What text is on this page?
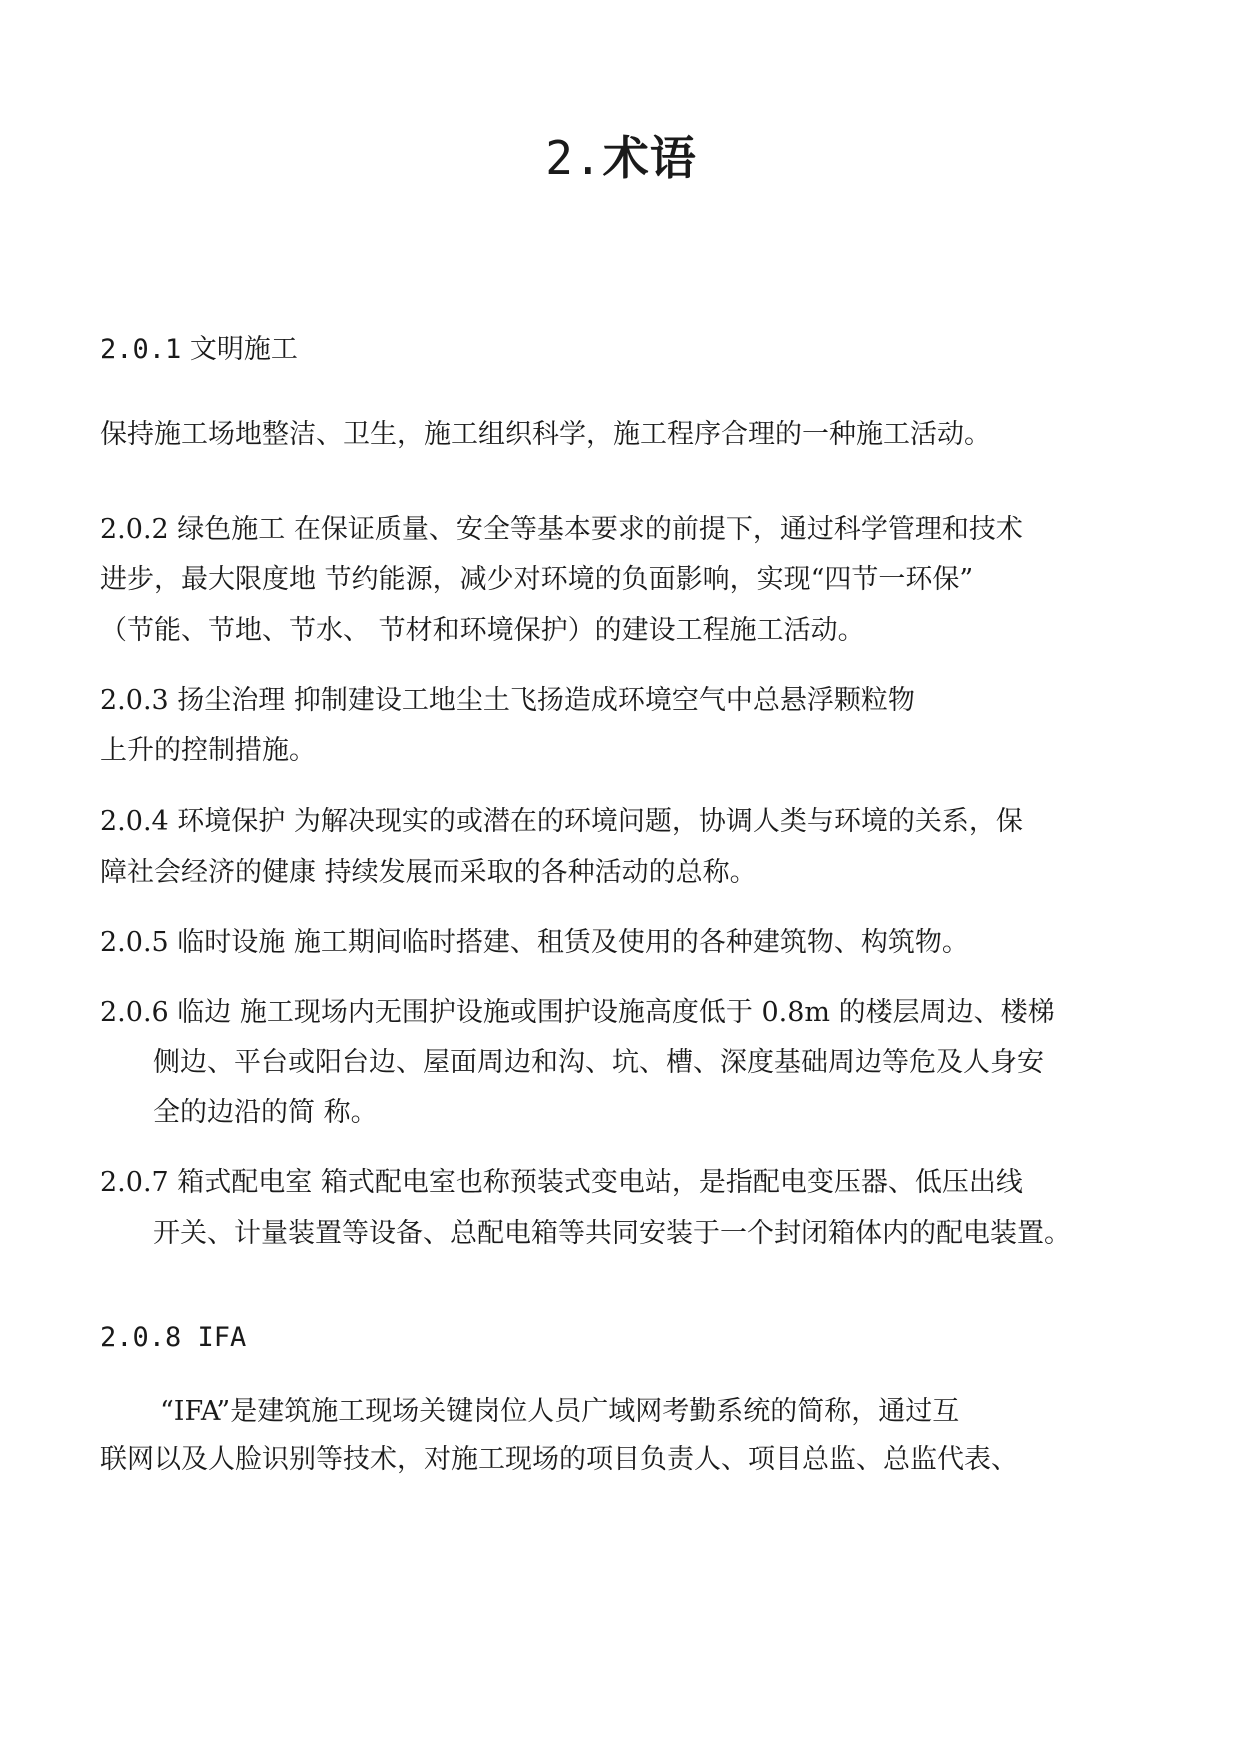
2.术语

2.0.1 文明施工

保持施工场地整洁、卫生，施工组织科学，施工程序合理的一种施工活动。

2.0.2 绿色施工 在保证质量、安全等基本要求的前提下，通过科学管理和技术

进步，最大限度地 节约能源，减少对环境的负面影响，实现“四节一环保”

（节能、节地、节水、 节材和环境保护）的建设工程施工活动。

2.0.3 扬尘治理 抑制建设工地尘土飞扬造成环境空气中总悬浮颗粒物

上升的控制措施。

2.0.4 环境保护 为解决现实的或潜在的环境问题，协调人类与环境的关系，保

障社会经济的健康 持续发展而采取的各种活动的总称。

2.0.5 临时设施 施工期间临时搭建、租赁及使用的各种建筑物、构筑物。

2.0.6 临边 施工现场内无围护设施或围护设施高度低于 0.8m 的楼层周边、楼梯

侧边、平台或阳台边、屋面周边和沟、坑、槽、深度基础周边等危及人身安

全的边沿的简 称。

2.0.7 箱式配电室 箱式配电室也称预装式变电站，是指配电变压器、低压出线

开关、计量装置等设备、总配电箱等共同安装于一个封闭箱体内的配电装置。

2.0.8 IFA

“IFA”是建筑施工现场关键岗位人员广域网考勤系统的简称，通过互

联网以及人脸识别等技术，对施工现场的项目负责人、项目总监、总监代表、
